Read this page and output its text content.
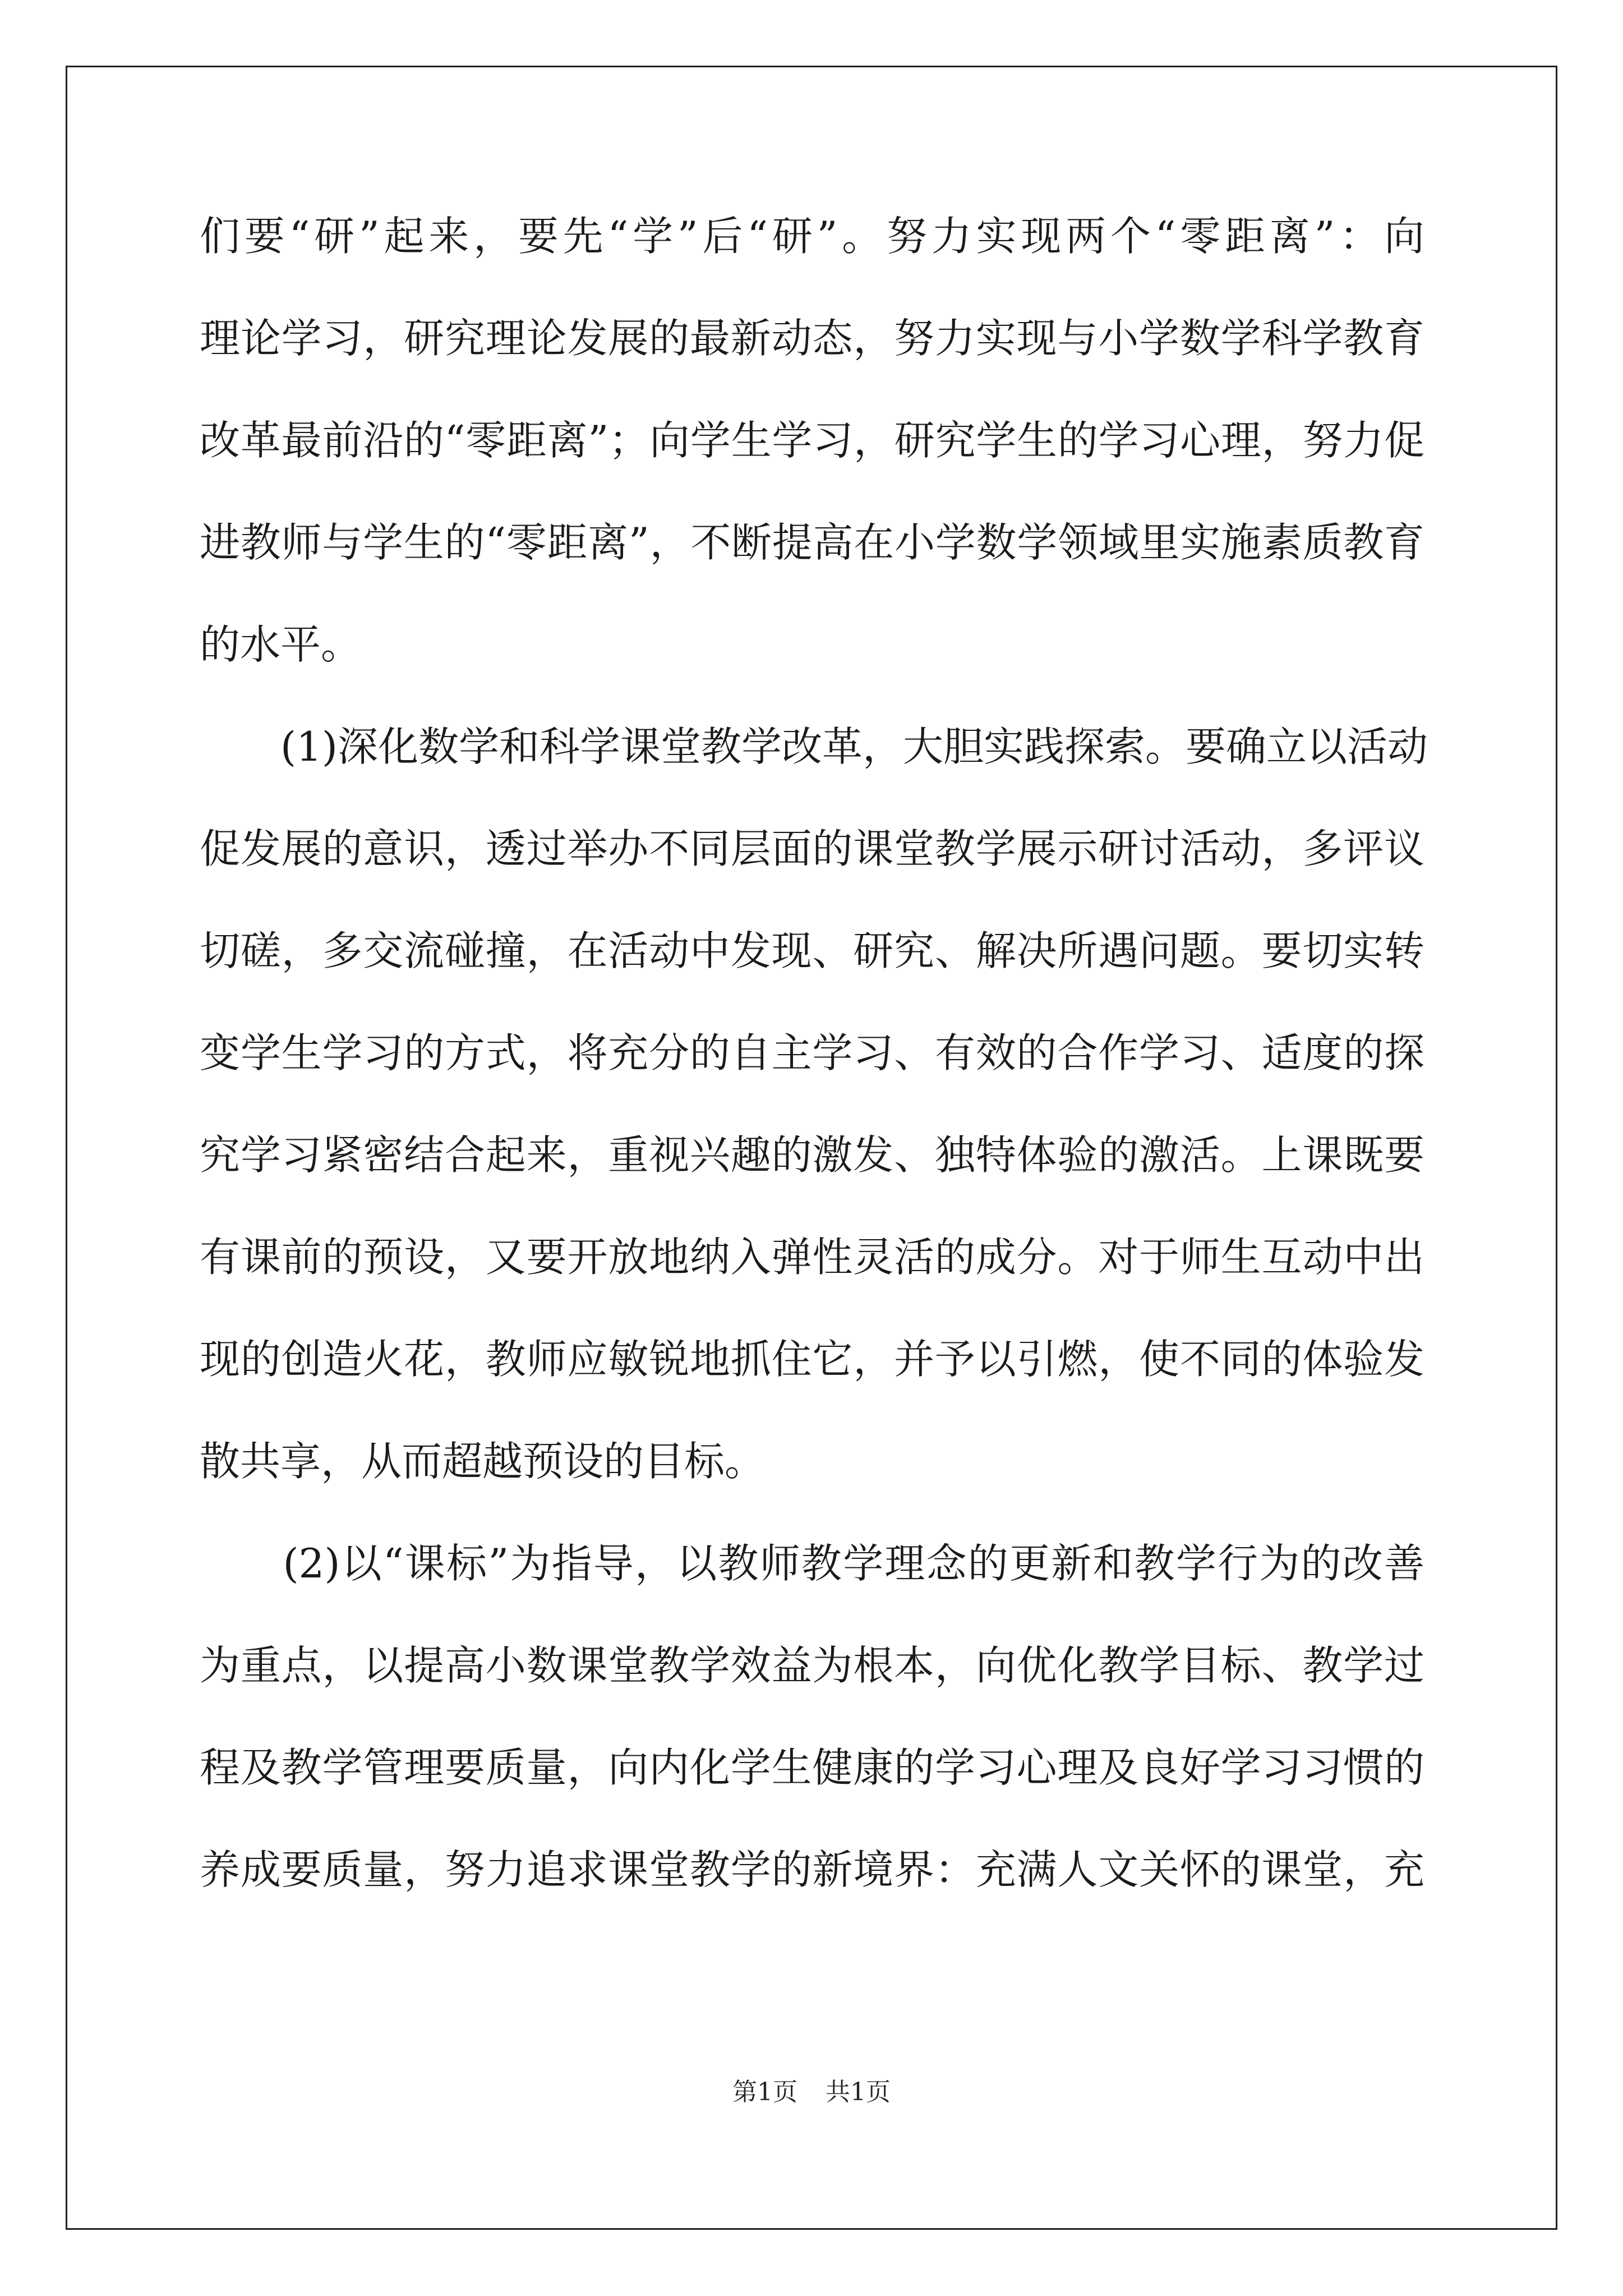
们要“研”起来，要先“学”后“研”。努力实现两个“零距离”：向
理论学习，研究理论发展的最新动态，努力实现与小学数学科学教育
改革最前沿的“零距离”；向学生学习，研究学生的学习心理，努力促
进教师与学生的“零距离”，不断提高在小学数学领域里实施素质教育
的水平。
　　(1)深化数学和科学课堂教学改革，大胆实践探索。要确立以活动
促发展的意识，透过举办不同层面的课堂教学展示研讨活动，多评议
切磋，多交流碰撞，在活动中发现、研究、解决所遇问题。要切实转
变学生学习的方式，将充分的自主学习、有效的合作学习、适度的探
究学习紧密结合起来，重视兴趣的激发、独特体验的激活。上课既要
有课前的预设，又要开放地纳入弹性灵活的成分。对于师生互动中出
现的创造火花，教师应敏锐地抓住它，并予以引燃，使不同的体验发
散共享，从而超越预设的目标。
　　(2)以“课标”为指导，以教师教学理念的更新和教学行为的改善
为重点，以提高小数课堂教学效益为根本，向优化教学目标、教学过
程及教学管理要质量，向内化学生健康的学习心理及良好学习习惯的
养成要质量，努力追求课堂教学的新境界：充满人文关怀的课堂，充
第1页 共1页
